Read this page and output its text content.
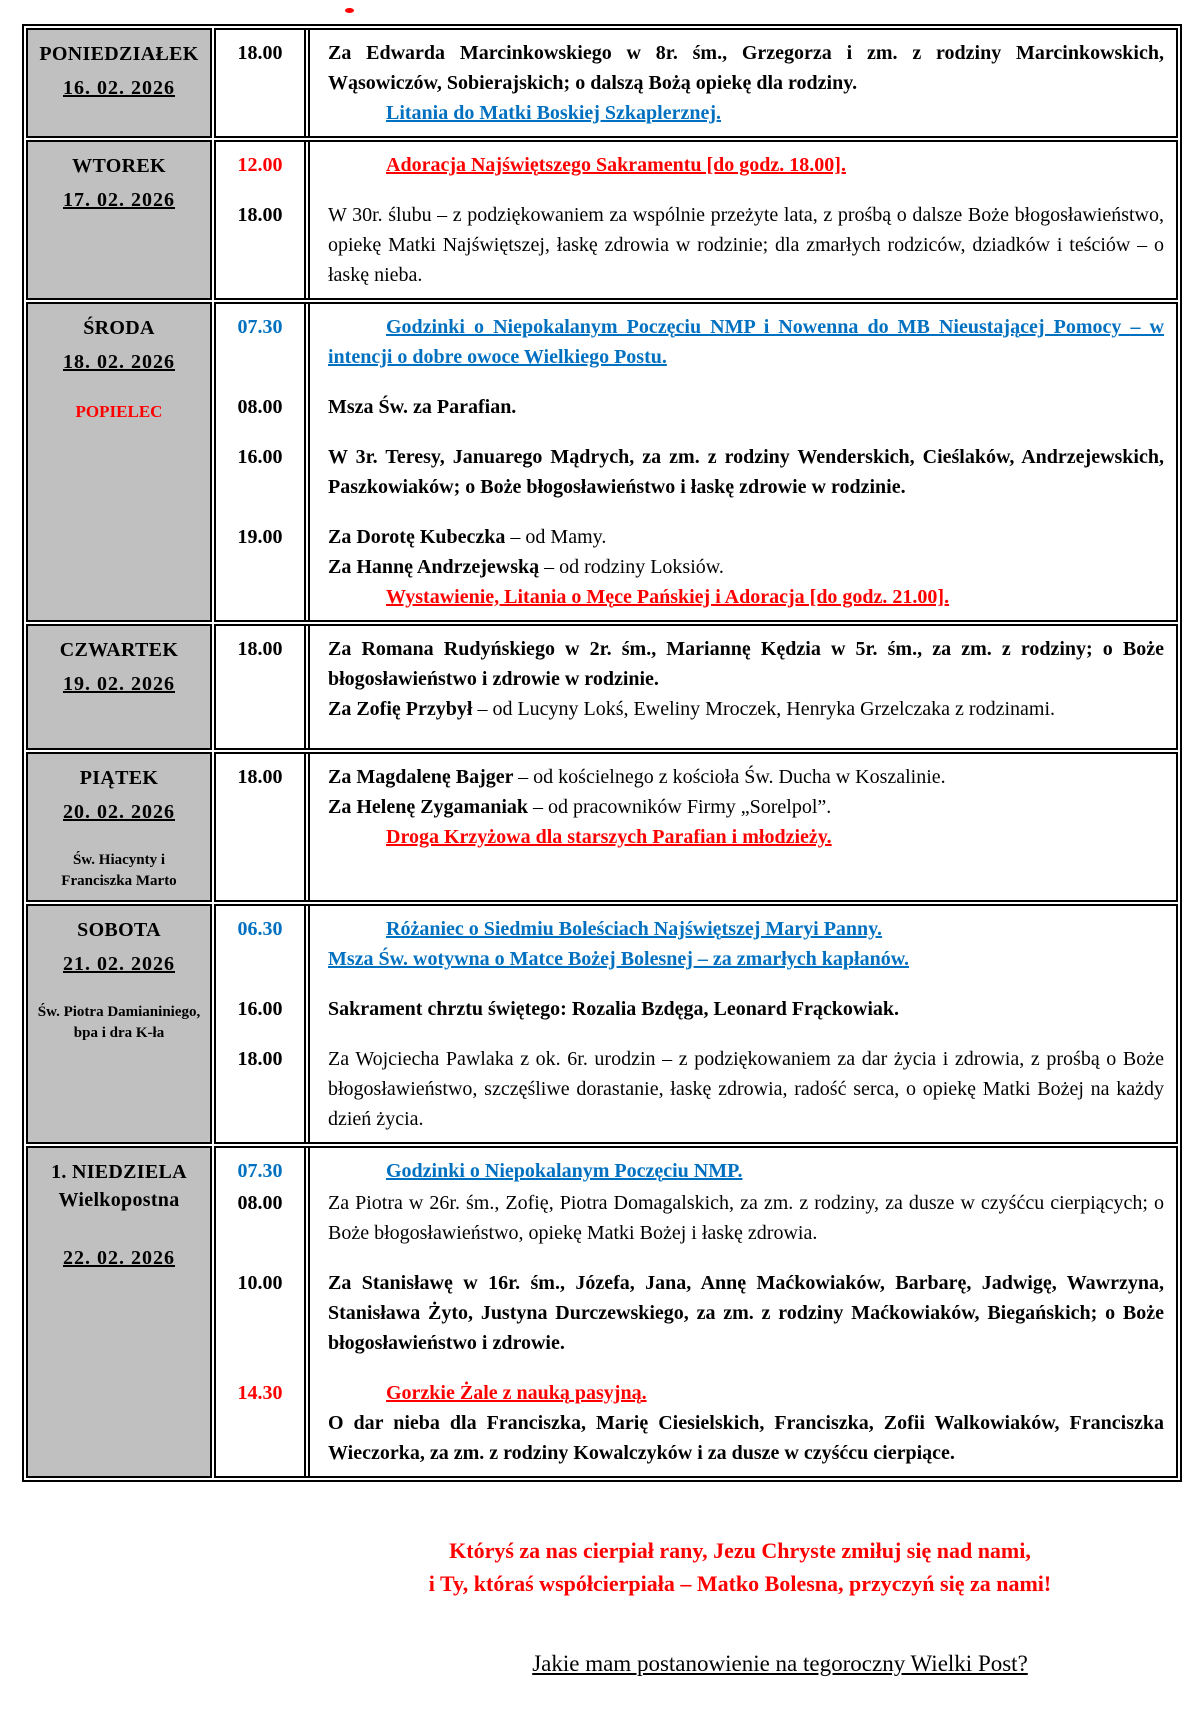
PONIEDZIAŁEK
16. 02. 2026
18.00	Za Edwarda Marcinkowskiego w 8r. śm., Grzegorza i zm. z rodziny Marcinkowskich, Wąsowiczów, Sobierajskich; o dalszą Bożą opiekę dla rodziny.
Litania do Matki Boskiej Szkaplerznej.
WTOREK
17. 02. 2026
12.00	Adoracja Najświętszego Sakramentu [do godz. 18.00].
18.00	W 30r. ślubu – z podziękowaniem za wspólnie przeżyte lata, z prośbą o dalsze Boże błogosławieństwo, opiekę Matki Najświętszej, łaskę zdrowia w rodzinie; dla zmarłych rodziców, dziadków i teściów – o łaskę nieba.
ŚRODA
18. 02. 2026
POPIELEC
07.30	Godzinki o Niepokalanym Poczęciu NMP i Nowenna do MB Nieustającej Pomocy – w intencji o dobre owoce Wielkiego Postu.
08.00	Msza Św. za Parafian.
16.00	W 3r. Teresy, Januarego Mądrych, za zm. z rodziny Wenderskich, Cieślaków, Andrzejewskich, Paszkowiaków; o Boże błogosławieństwo i łaskę zdrowie w rodzinie.
19.00	Za Dorotę Kubeczka – od Mamy.
Za Hannę Andrzejewską – od rodziny Loksiów.
Wystawienie, Litania o Męce Pańskiej i Adoracja [do godz. 21.00].
CZWARTEK
19. 02. 2026
18.00	Za Romana Rudyńskiego w 2r. śm., Mariannę Kędzia w 5r. śm., za zm. z rodziny; o Boże błogosławieństwo i zdrowie w rodzinie.
Za Zofię Przybył – od Lucyny Lokś, Eweliny Mroczek, Henryka Grzelczaka z rodzinami.
PIĄTEK
20. 02. 2026
Św. Hiacynty i Franciszka Marto
18.00	Za Magdalenę Bajger – od kościelnego z kościoła Św. Ducha w Koszalinie.
Za Helenę Zygamaniak – od pracowników Firmy „Sorelpol”.
Droga Krzyżowa dla starszych Parafian i młodzieży.
SOBOTA
21. 02. 2026
Św. Piotra Damianiniego, bpa i dra K-ła
06.30	Różaniec o Siedmiu Boleściach Najświętszej Maryi Panny.
Msza Św. wotywna o Matce Bożej Bolesnej – za zmarłych kapłanów.
16.00	Sakrament chrztu świętego: Rozalia Bzdęga, Leonard Frąckowiak.
18.00	Za Wojciecha Pawlaka z ok. 6r. urodzin – z podziękowaniem za dar życia i zdrowia, z prośbą o Boże błogosławieństwo, szczęśliwe dorastanie, łaskę zdrowia, radość serca, o opiekę Matki Bożej na każdy dzień życia.
1. NIEDZIELA
Wielkopostna
22. 02. 2026
07.30	Godzinki o Niepokalanym Poczęciu NMP.
08.00	Za Piotra w 26r. śm., Zofię, Piotra Domagalskich, za zm. z rodziny, za dusze w czyśćcu cierpiących; o Boże błogosławieństwo, opiekę Matki Bożej i łaskę zdrowia.
10.00	Za Stanisławę w 16r. śm., Józefa, Jana, Annę Maćkowiaków, Barbarę, Jadwigę, Wawrzyna, Stanisława Żyto, Justyna Durczewskiego, za zm. z rodziny Maćkowiaków, Biegańskich; o Boże błogosławieństwo i zdrowie.
14.30	Gorzkie Żale z nauką pasyjną.
O dar nieba dla Franciszka, Marię Ciesielskich, Franciszka, Zofii Walkowiaków, Franciszka Wieczorka, za zm. z rodziny Kowalczyków i za dusze w czyśćcu cierpiące.
Któryś za nas cierpiał rany, Jezu Chryste zmiłuj się nad nami,
i Ty, któraś współcierpiała – Matko Bolesna, przyczyń się za nami!
Jakie mam postanowienie na tegoroczny Wielki Post?
